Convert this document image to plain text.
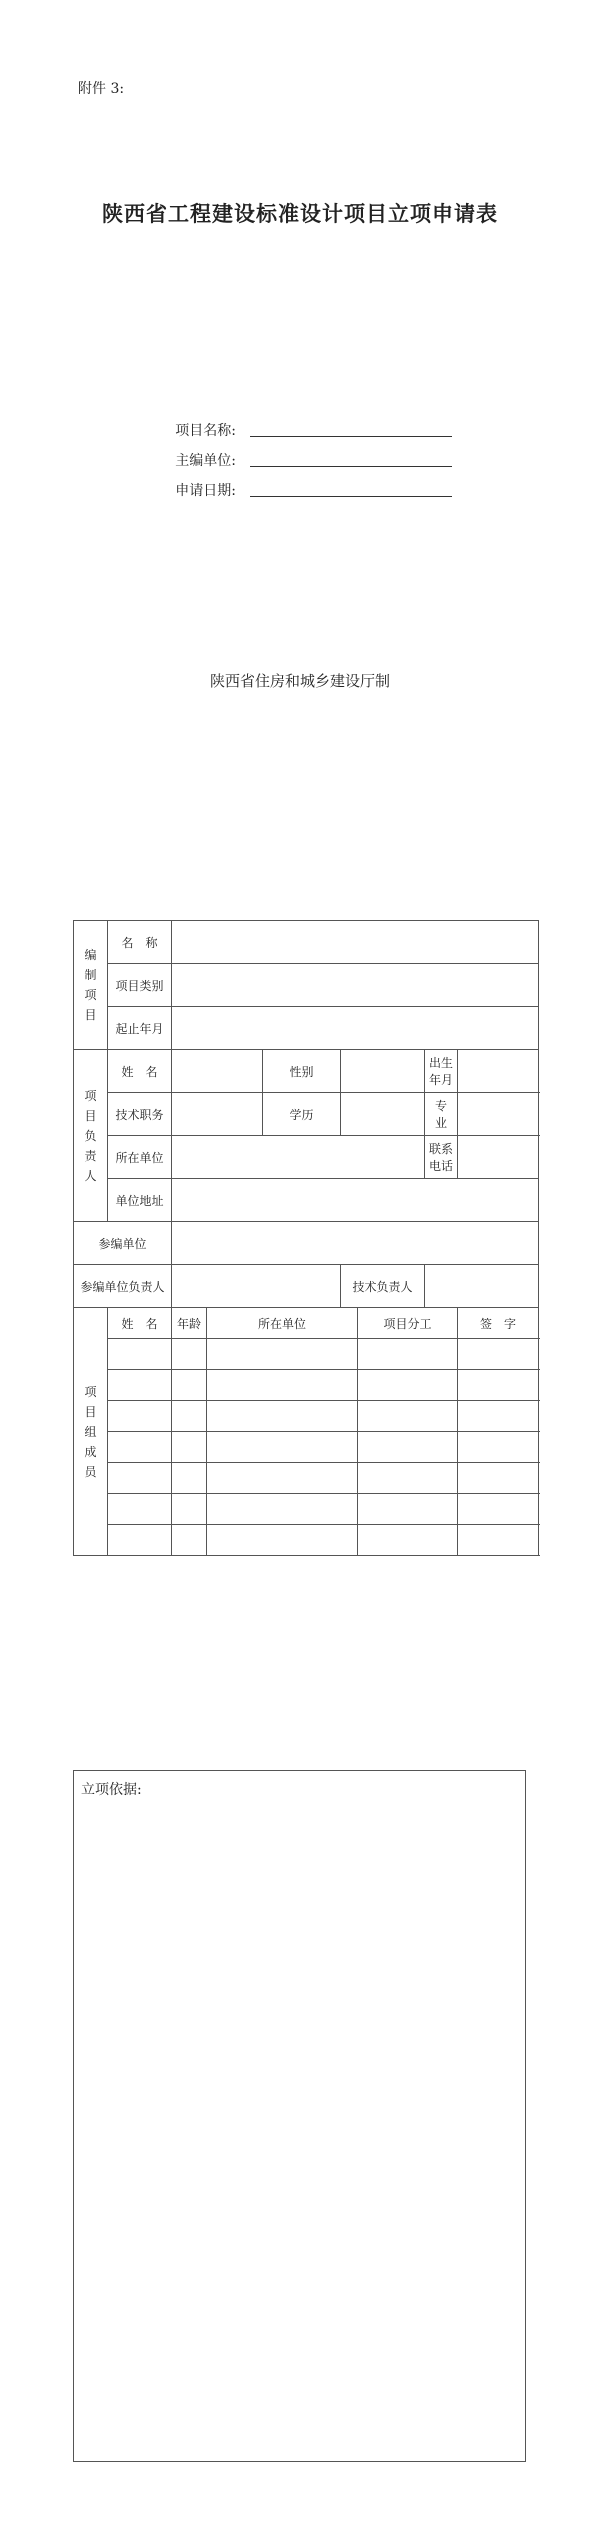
附件 3:
陕西省工程建设标准设计项目立项申请表
项目名称:
主编单位:
申请日期:
陕西省住房和城乡建设厅制
编
制
项
目	名　称							
	项目类别							
	起止年月							
项
目
负
责
人	姓　名			性别			出生年月	
	技术职务			学历			专　业	
	所在单位						联系电话	
	单位地址							
参编单位								
参编单位负责人					技术负责人			
项
目
组
成
员	姓　名	年龄	所在单位			项目分工		签　字

立项依据:
